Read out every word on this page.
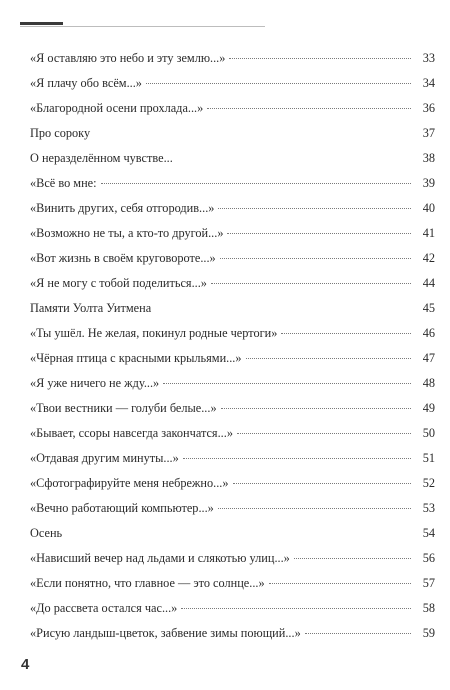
«Я оставляю это небо и эту землю...»	33
«Я плачу обо всём...»	34
«Благородной осени прохлада...»	36
Про сороку	37
О неразделённом чувстве...	38
«Всё во мне:	39
«Винить других, себя отгородив...»	40
«Возможно не ты, а кто-то другой...»	41
«Вот жизнь в своём круговороте...»	42
«Я не могу с тобой поделиться...»	44
Памяти Уолта Уитмена	45
«Ты ушёл. Не желая, покинул родные чертоги»	46
«Чёрная птица с красными крыльями...»	47
«Я уже ничего не жду...»	48
«Твои вестники — голуби белые...»	49
«Бывает, ссоры навсегда закончатся...»	50
«Отдавая другим минуты...»	51
«Сфотографируйте меня небрежно...»	52
«Вечно работающий компьютер...»	53
Осень	54
«Нависший вечер над льдами и слякотью улиц...»	56
«Если понятно, что главное — это солнце...»	57
«До рассвета остался час...»	58
«Рисую ландыш-цветок, забвение зимы поющий...»	59
4
